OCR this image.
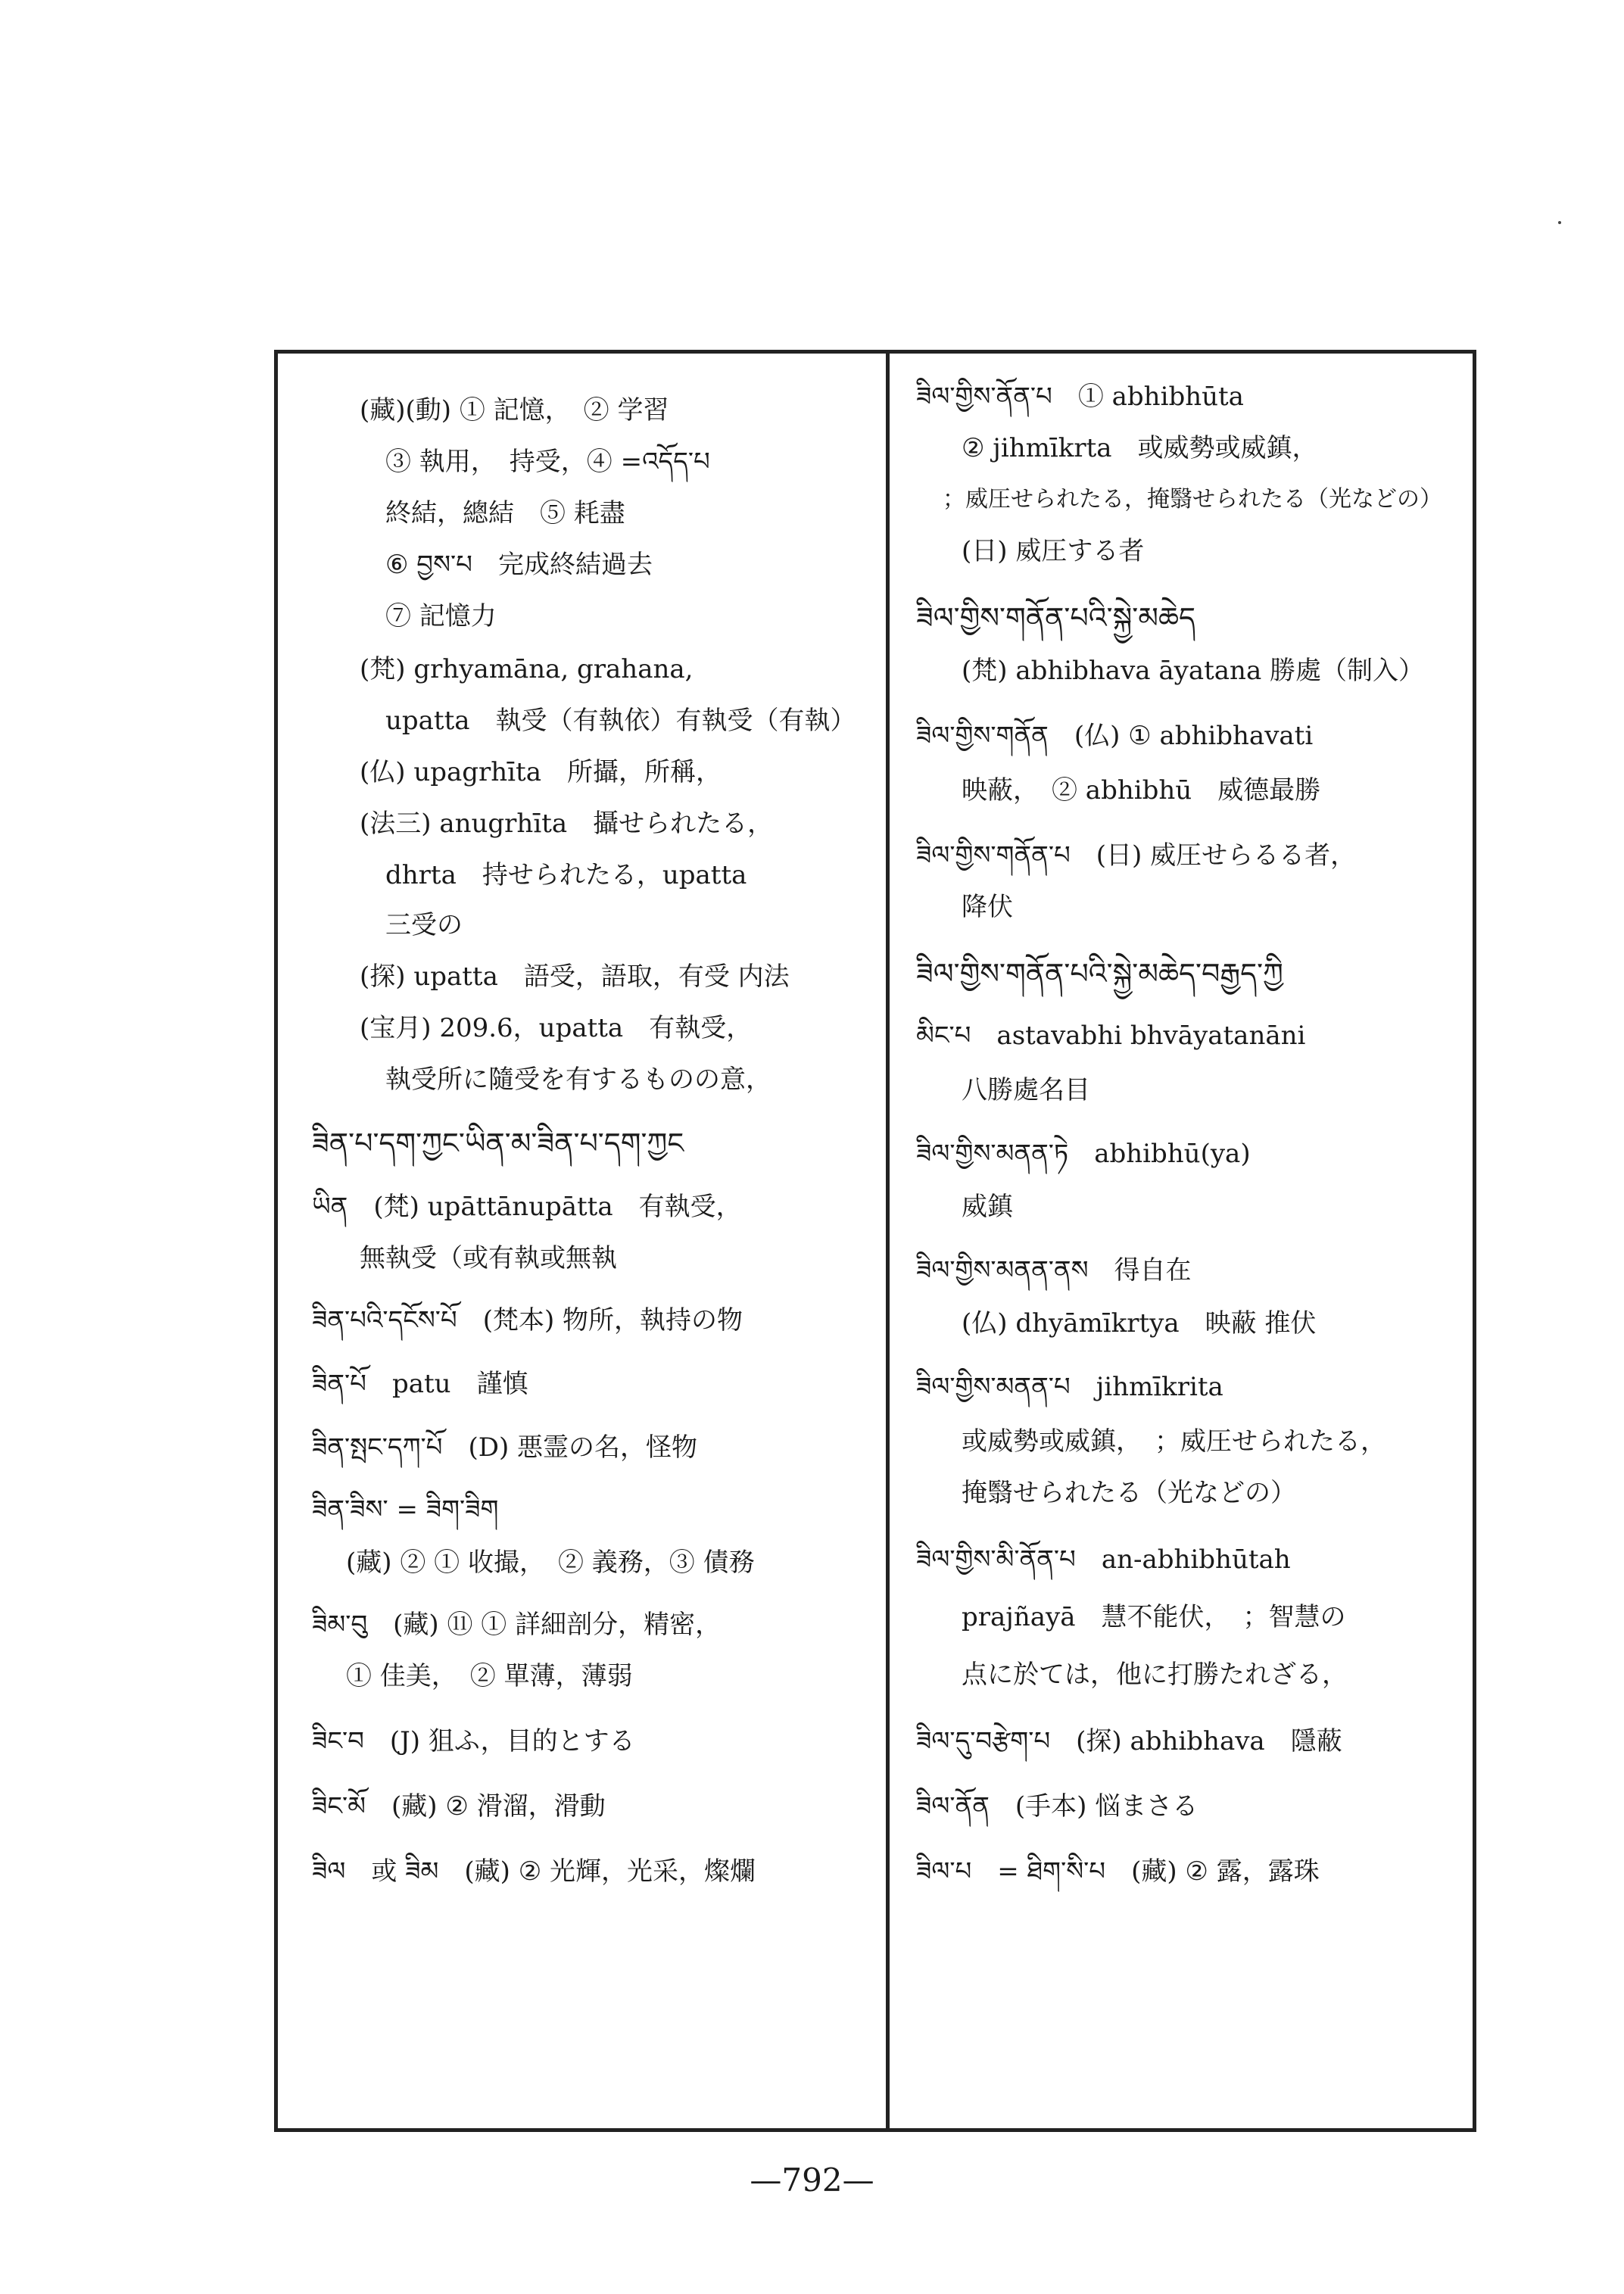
(藏)(動) ① 記憶，　② 学習
③ 執用，　持受，④ =འདོད་པ
終結，總結　⑤ 耗盡
⑥ བྱས་པ　完成終結過去
⑦ 記憶力
(梵) grhyamāna, grahana,
upatta　執受（有執依）有執受（有執）
(仏) upagrhīta　所攝，所稱，
(法三) anugrhīta　攝せられたる，
dhrta　持せられたる，upatta
三受の
(探) upatta　語受，語取，有受 内法
(宝月) 209.6，upatta　有執受，
執受所に隨受を有するものの意，
ཟིན་པ་དག་ཀྱང་ཡིན་མ་ཟིན་པ་དག་ཀྱང
ཡིན　(梵) upāttānupātta　有執受，
無執受（或有執或無執
ཟིན་པའི་དངོས་པོ　(梵本) 物所，執持の物
ཟིན་པོ　patu　謹慎
ཟིན་སྤང་དཀ་པོ　(D) 悪霊の名，怪物
ཟིན་ཟིས་ = ཟིག་ཟིག
(藏) ② ① 收撮，　② 義務，③ 債務
ཟིམ་བུ　(藏) ⑪ ① 詳細剖分，精密，
① 佳美，　② 單薄，薄弱
ཟིང་བ　(J) 狙ふ，目的とする
ཟིང་མོ　(藏) ② 滑溜，滑動
ཟིལ　或 ཟིམ　(藏) ② 光輝，光采，燦爛
ཟིལ་གྱིས་ནོན་པ　① abhibhūta
② jihmīkrta　或威勢或威鎮，
；威圧せられたる，掩翳せられたる（光などの）
(日) 威圧する者
ཟིལ་གྱིས་གནོན་པའི་སྐྱེ་མཆེད
(梵) abhibhava āyatana 勝處（制入）
ཟིལ་གྱིས་གནོན　(仏) ① abhibhavati
映蔽，　② abhibhū　威德最勝
ཟིལ་གྱིས་གནོན་པ　(日) 威圧せらるる者，
降伏
ཟིལ་གྱིས་གནོན་པའི་སྐྱེ་མཆེད་བརྒྱད་ཀྱི
མིང་པ　astavabhi bhvāyatanāni
八勝處名目
ཟིལ་གྱིས་མནན་ཏེ　abhibhū(ya)
威鎮
ཟིལ་གྱིས་མནན་ནས　得自在
(仏) dhyāmīkrtya　映蔽 推伏
ཟིལ་གྱིས་མནན་པ　jihmīkrita
或威勢或威鎮，　；威圧せられたる，
掩翳せられたる（光などの）
ཟིལ་གྱིས་མི་ནོན་པ　an-abhibhūtah
prajñayā　慧不能伏，　；智慧の
点に於ては，他に打勝たれざる，
ཟིལ་དུ་བརྩེག་པ　(探) abhibhava　隱蔽
ཟིལ་ནོན　(手本) 悩まさる
ཟིལ་པ　= ཐིག་སི་པ　(藏) ② 露，露珠
—792—
